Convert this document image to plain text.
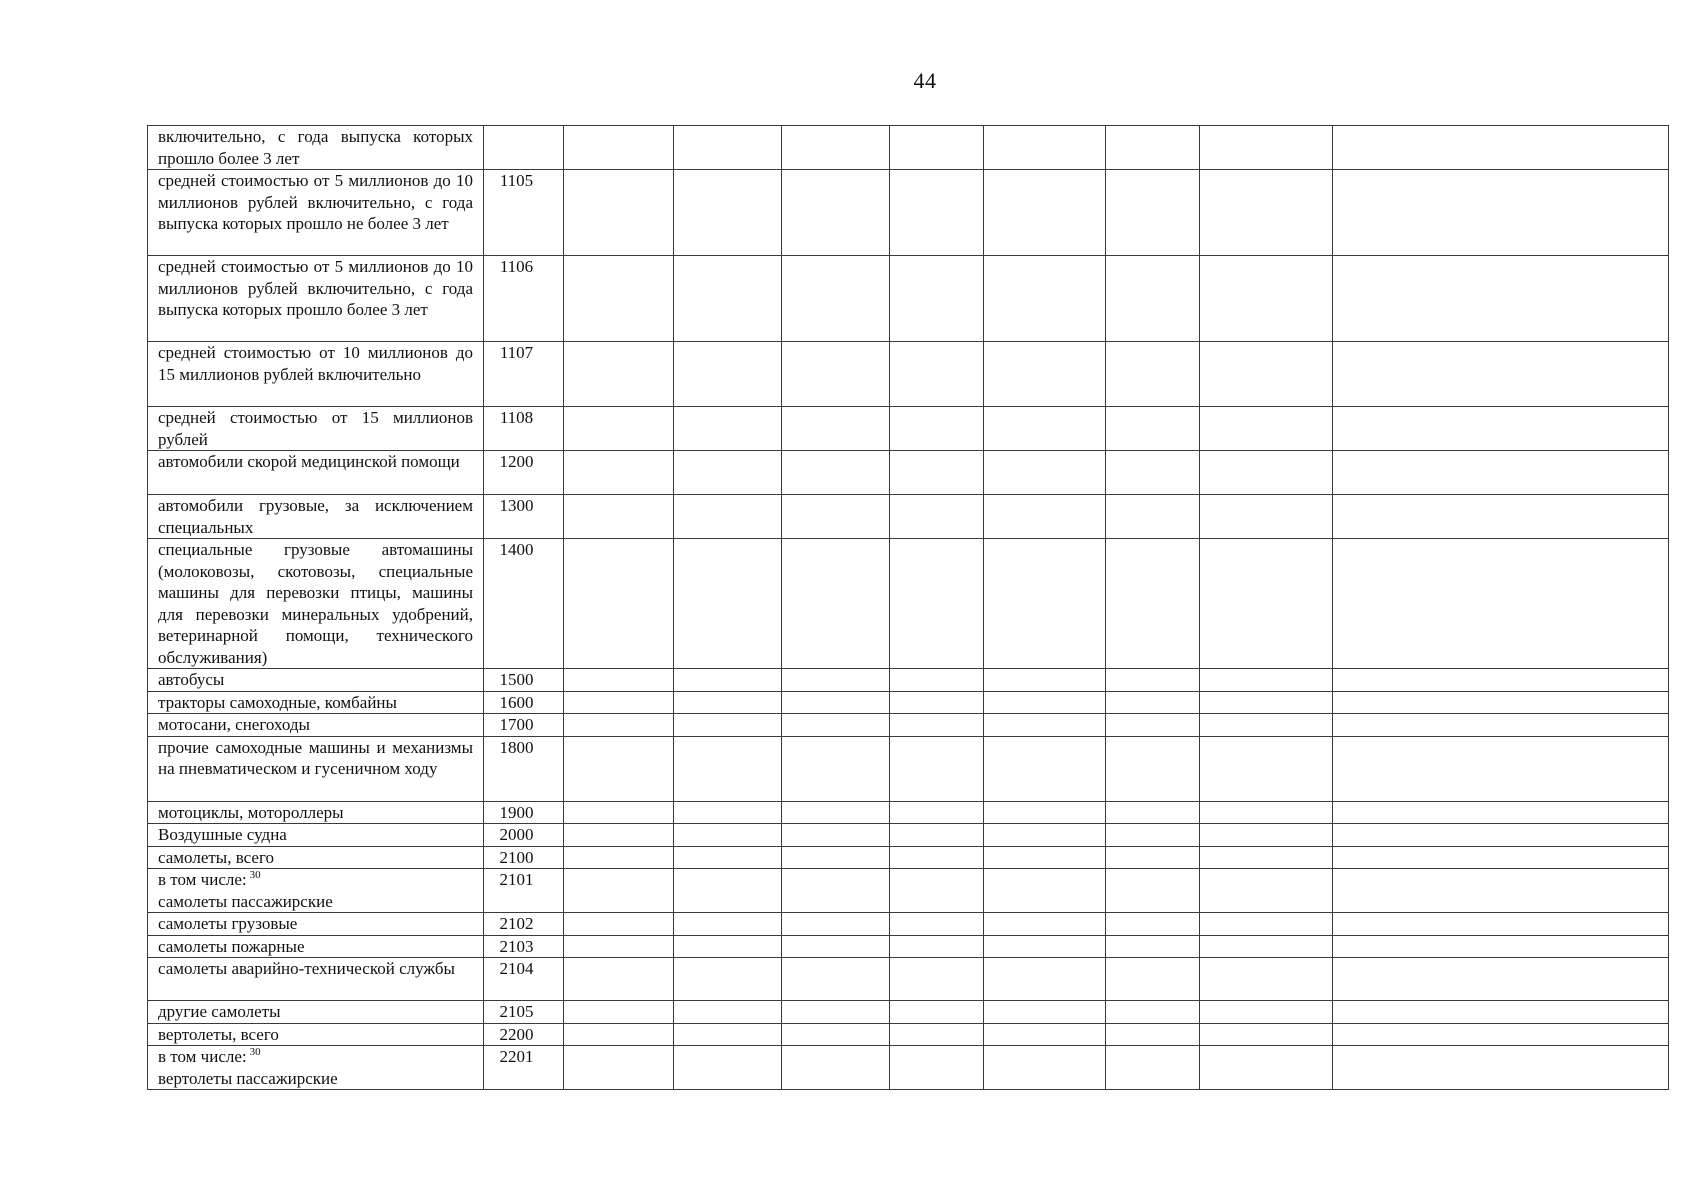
44
включительно, с года выпуска которых прошло более 3 лет									
средней стоимостью от 5 миллионов до 10 миллионов рублей включительно, с года выпуска которых прошло не более 3 лет	1105								
средней стоимостью от 5 миллионов до 10 миллионов рублей включительно, с года выпуска которых прошло более 3 лет	1106								
средней стоимостью от 10 миллионов до 15 миллионов рублей включительно	1107								
средней стоимостью от 15 миллионов рублей	1108								
автомобили скорой медицинской помощи	1200								
автомобили грузовые, за исключением специальных	1300								
специальные грузовые автомашины (молоковозы, скотовозы, специальные машины для перевозки птицы, машины для перевозки минеральных удобрений, ветеринарной помощи, технического обслуживания)	1400								
автобусы	1500								
тракторы самоходные, комбайны	1600								
мотосани, снегоходы	1700								
прочие самоходные машины и механизмы на пневматическом и гусеничном ходу	1800								
мотоциклы, мотороллеры	1900								
Воздушные судна	2000								
самолеты, всего	2100								
в том числе: $^{30}$
самолеты пассажирские	2101								
самолеты грузовые	2102								
самолеты пожарные	2103								
самолеты аварийно-технической службы	2104								
другие самолеты	2105								
вертолеты, всего	2200								
в том числе: $^{30}$
вертолеты пассажирские	2201								
